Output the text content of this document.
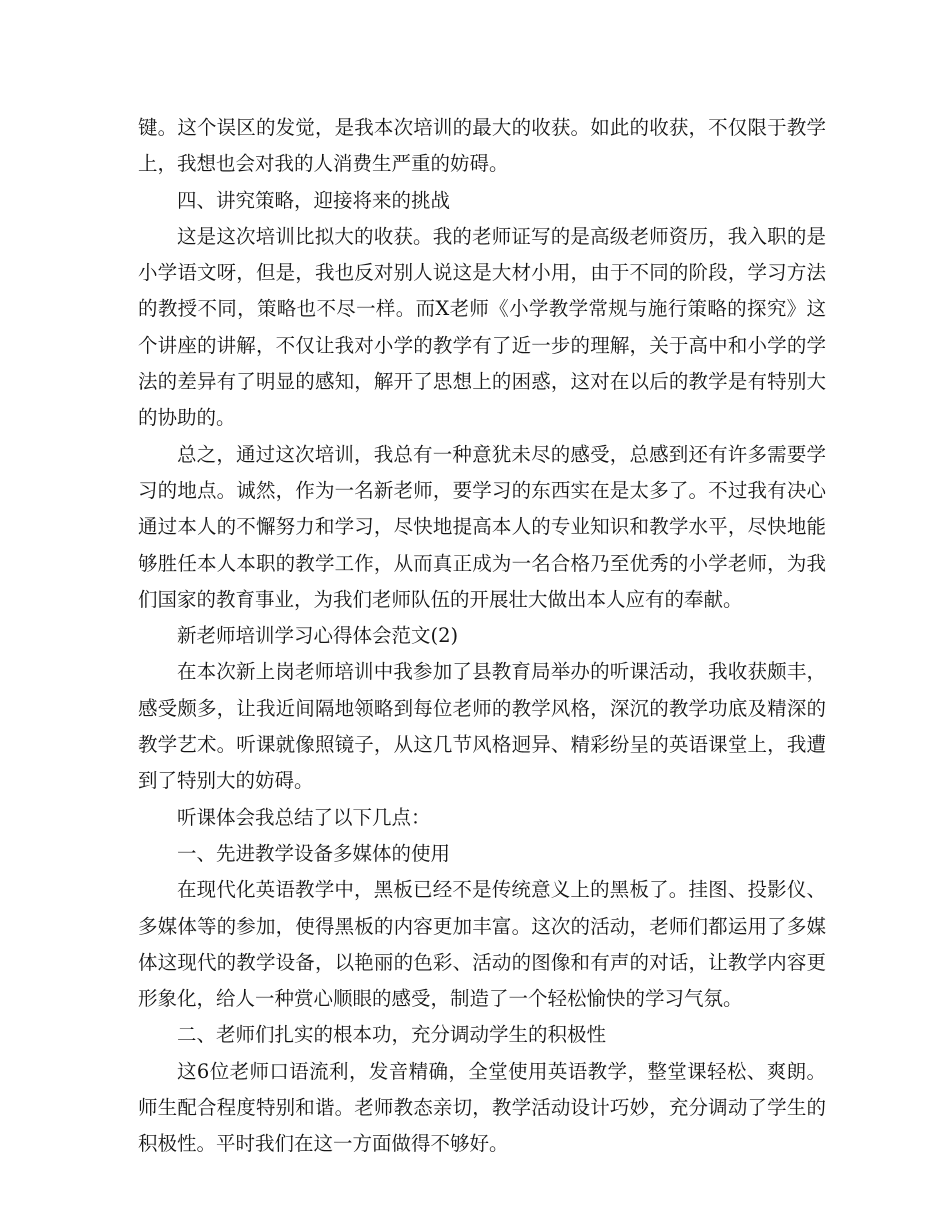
键。这个误区的发觉，是我本次培训的最大的收获。如此的收获，不仅限于教学上，我想也会对我的人消费生严重的妨碍。

四、讲究策略，迎接将来的挑战

这是这次培训比拟大的收获。我的老师证写的是高级老师资历，我入职的是小学语文呀，但是，我也反对别人说这是大材小用，由于不同的阶段，学习方法的教授不同，策略也不尽一样。而X老师《小学教学常规与施行策略的探究》这个讲座的讲解，不仅让我对小学的教学有了近一步的理解，关于高中和小学的学法的差异有了明显的感知，解开了思想上的困惑，这对在以后的教学是有特别大的协助的。

总之，通过这次培训，我总有一种意犹未尽的感受，总感到还有许多需要学习的地点。诚然，作为一名新老师，要学习的东西实在是太多了。不过我有决心通过本人的不懈努力和学习，尽快地提高本人的专业知识和教学水平，尽快地能够胜任本人本职的教学工作，从而真正成为一名合格乃至优秀的小学老师，为我们国家的教育事业，为我们老师队伍的开展壮大做出本人应有的奉献。

新老师培训学习心得体会范文(2)

在本次新上岗老师培训中我参加了县教育局举办的听课活动，我收获颇丰，感受颇多，让我近间隔地领略到每位老师的教学风格，深沉的教学功底及精深的教学艺术。听课就像照镜子，从这几节风格迥异、精彩纷呈的英语课堂上，我遭到了特别大的妨碍。

听课体会我总结了以下几点：

一、先进教学设备多媒体的使用

在现代化英语教学中，黑板已经不是传统意义上的黑板了。挂图、投影仪、多媒体等的参加，使得黑板的内容更加丰富。这次的活动，老师们都运用了多媒体这现代的教学设备，以艳丽的色彩、活动的图像和有声的对话，让教学内容更形象化，给人一种赏心顺眼的感受，制造了一个轻松愉快的学习气氛。

二、老师们扎实的根本功，充分调动学生的积极性

这6位老师口语流利，发音精确，全堂使用英语教学，整堂课轻松、爽朗。师生配合程度特别和谐。老师教态亲切，教学活动设计巧妙，充分调动了学生的积极性。平时我们在这一方面做得不够好。
